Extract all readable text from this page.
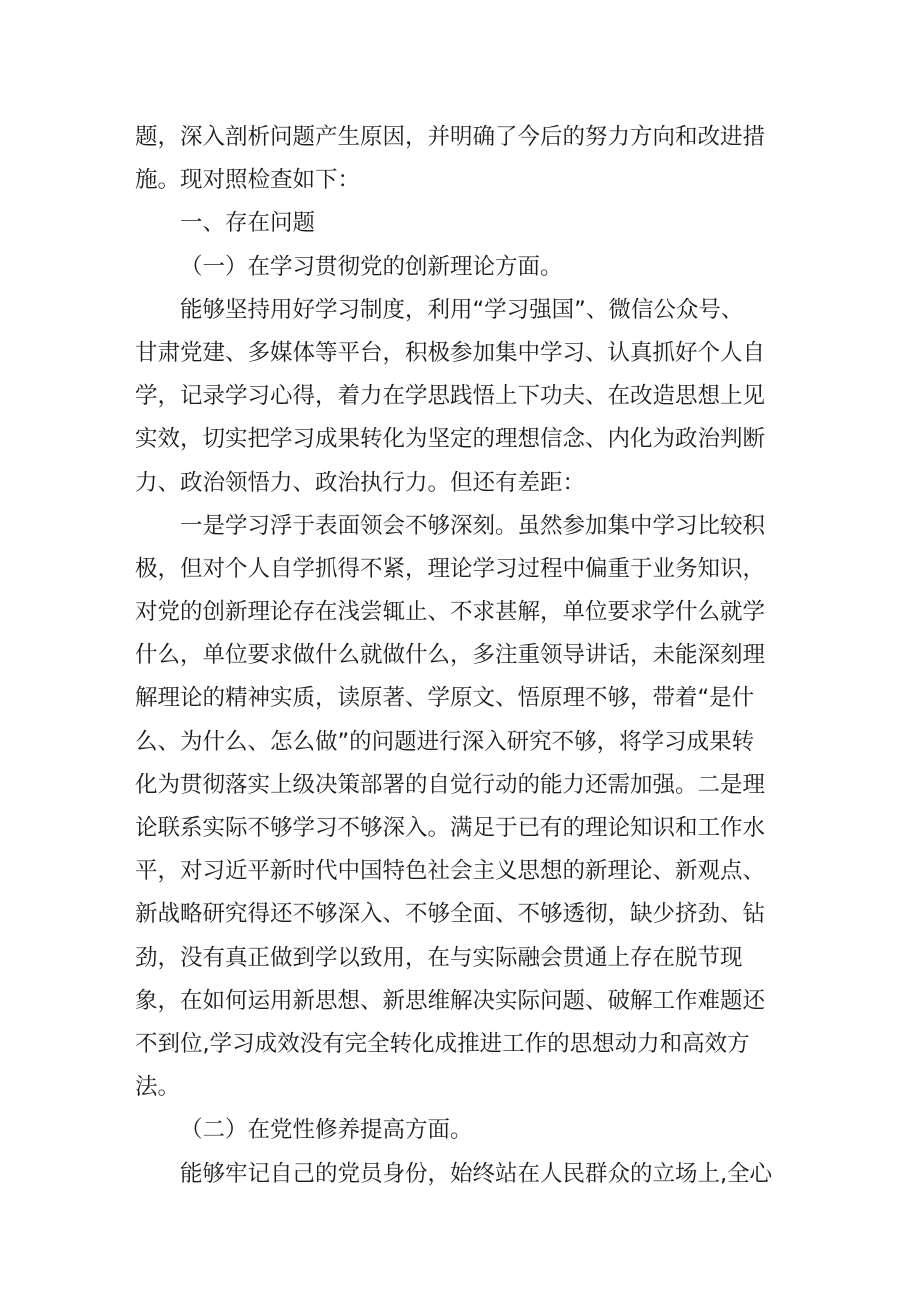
题，深入剖析问题产生原因，并明确了今后的努力方向和改进措
施。现对照检查如下：
一、存在问题
（一）在学习贯彻党的创新理论方面。
能够坚持用好学习制度，利用“学习强国”、微信公众号、
甘肃党建、多媒体等平台，积极参加集中学习、认真抓好个人自
学，记录学习心得，着力在学思践悟上下功夫、在改造思想上见
实效，切实把学习成果转化为坚定的理想信念、内化为政治判断
力、政治领悟力、政治执行力。但还有差距：
一是学习浮于表面领会不够深刻。虽然参加集中学习比较积
极，但对个人自学抓得不紧，理论学习过程中偏重于业务知识，
对党的创新理论存在浅尝辄止、不求甚解，单位要求学什么就学
什么，单位要求做什么就做什么，多注重领导讲话，未能深刻理
解理论的精神实质，读原著、学原文、悟原理不够，带着“是什
么、为什么、怎么做”的问题进行深入研究不够，将学习成果转
化为贯彻落实上级决策部署的自觉行动的能力还需加强。二是理
论联系实际不够学习不够深入。满足于已有的理论知识和工作水
平，对习近平新时代中国特色社会主义思想的新理论、新观点、
新战略研究得还不够深入、不够全面、不够透彻，缺少挤劲、钻
劲，没有真正做到学以致用，在与实际融会贯通上存在脱节现
象，在如何运用新思想、新思维解决实际问题、破解工作难题还
不到位,学习成效没有完全转化成推进工作的思想动力和高效方
法。
（二）在党性修养提高方面。
能够牢记自己的党员身份，始终站在人民群众的立场上,全心
